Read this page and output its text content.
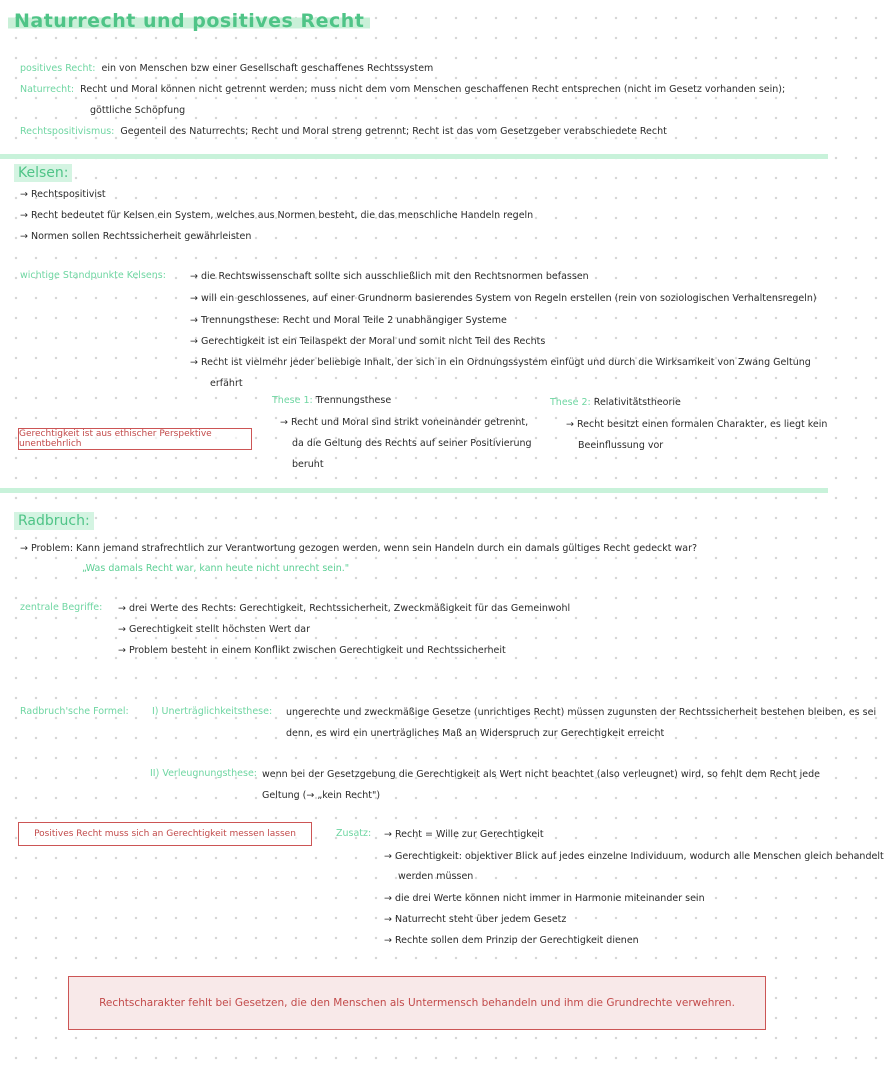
Naturrecht und positives Recht
positives Recht: ein von Menschen bzw einer Gesellschaft geschaffenes Rechtssystem
Naturrecht: Recht und Moral können nicht getrennt werden; muss nicht dem vom Menschen geschaffenen Recht entsprechen (nicht im Gesetz vorhanden sein);
göttliche Schöpfung
Rechtspositivismus: Gegenteil des Naturrechts; Recht und Moral streng getrennt; Recht ist das vom Gesetzgeber verabschiedete Recht
Kelsen:
→ Rechtspositivist
→ Recht bedeutet für Kelsen ein System, welches aus Normen besteht, die das menschliche Handeln regeln
→ Normen sollen Rechtssicherheit gewährleisten
wichtige Standpunkte Kelsens:	→ die Rechtswissenschaft sollte sich ausschließlich mit den Rechtsnormen befassen
→ will ein geschlossenes, auf einer Grundnorm basierendes System von Regeln erstellen (rein von soziologischen Verhaltensregeln)
→ Trennungsthese: Recht und Moral Teile 2 unabhängiger Systeme
→ Gerechtigkeit ist ein Teilaspekt der Moral und somit nicht Teil des Rechts
→ Recht ist vielmehr jeder beliebige Inhalt, der sich in ein Ordnungssystem einfügt und durch die Wirksamkeit von Zwang Geltung
erfährt
These 1: Trennungsthese
→ Recht und Moral sind strikt voneinander getrennt,
da die Geltung des Rechts auf seiner Positivierung
beruht
These 2: Relativitätstheorie
→ Recht besitzt einen formalen Charakter, es liegt kein
Beeinflussung vor
Gerechtigkeit ist aus ethischer Perspektive unentbehrlich
Radbruch:
→ Problem: Kann jemand strafrechtlich zur Verantwortung gezogen werden, wenn sein Handeln durch ein damals gültiges Recht gedeckt war?
„Was damals Recht war, kann heute nicht unrecht sein."
zentrale Begriffe: → drei Werte des Rechts: Gerechtigkeit, Rechtssicherheit, Zweckmäßigkeit für das Gemeinwohl
→ Gerechtigkeit stellt höchsten Wert dar
→ Problem besteht in einem Konflikt zwischen Gerechtigkeit und Rechtssicherheit
Radbruch'sche Formel: I) Unerträglichkeitsthese: ungerechte und zweckmäßige Gesetze (unrichtiges Recht) müssen zugunsten der Rechtssicherheit bestehen bleiben, es sei
denn, es wird ein unerträgliches Maß an Widerspruch zur Gerechtigkeit erreicht
II) Verleugnungsthese: wenn bei der Gesetzgebung die Gerechtigkeit als Wert nicht beachtet (also verleugnet) wird, so fehlt dem Recht jede
Geltung (→ „kein Recht")
Positives Recht muss sich an Gerechtigkeit messen lassen	Zusatz: → Recht = Wille zur Gerechtigkeit
→ Gerechtigkeit: objektiver Blick auf jedes einzelne Individuum, wodurch alle Menschen gleich behandelt
werden müssen
→ die drei Werte können nicht immer in Harmonie miteinander sein
→ Naturrecht steht über jedem Gesetz
→ Rechte sollen dem Prinzip der Gerechtigkeit dienen
Rechtscharakter fehlt bei Gesetzen, die den Menschen als Untermensch behandeln und ihm die Grundrechte verwehren.
